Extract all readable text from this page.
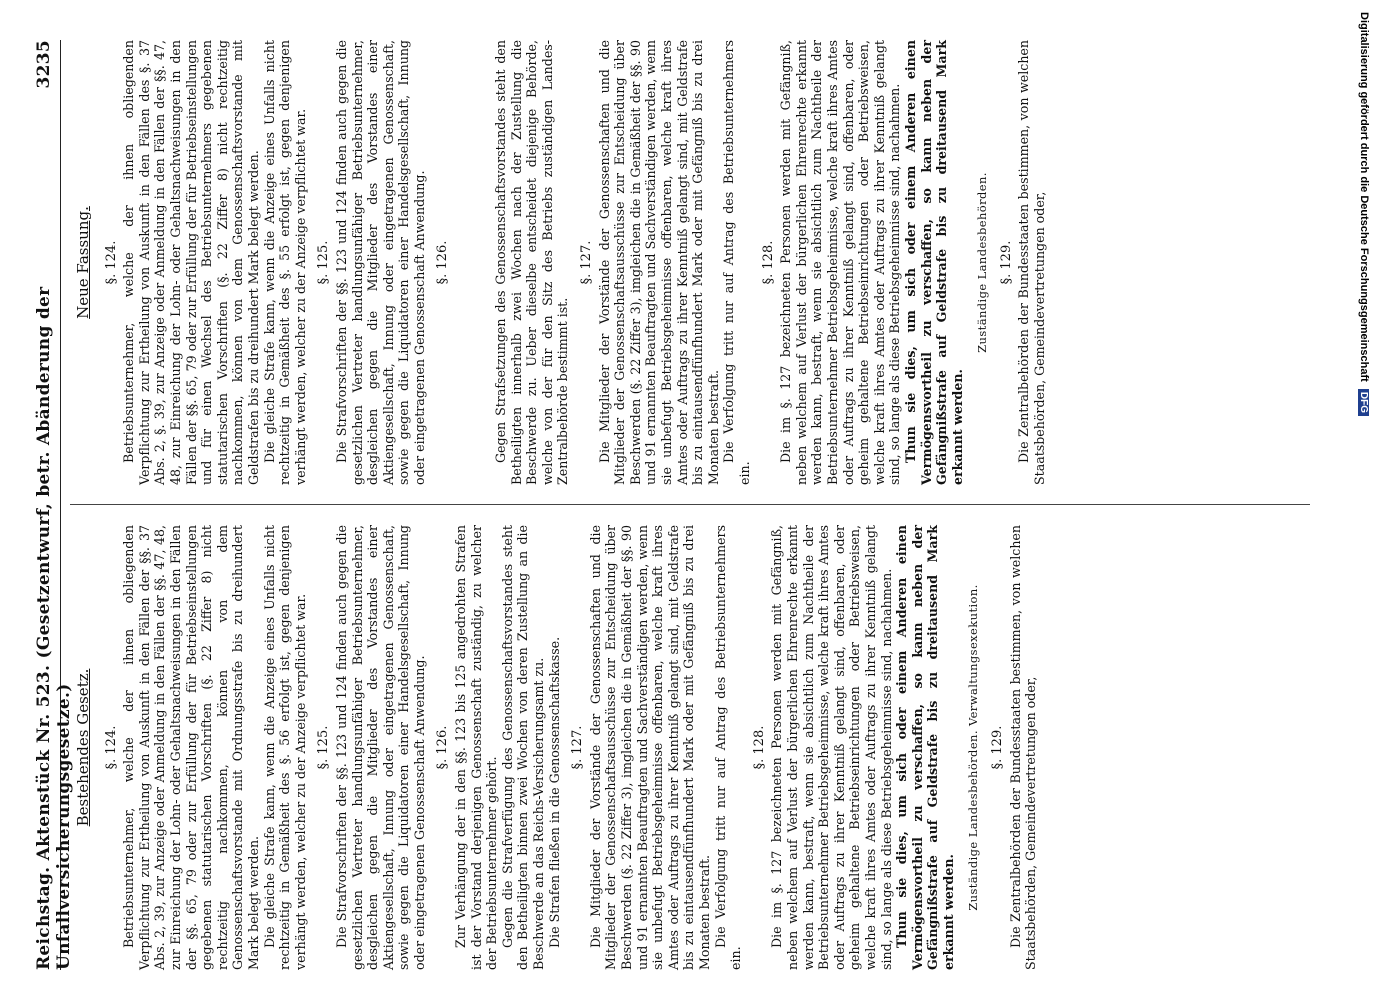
Reichstag. Aktenstück Nr. 523. (Gesetzentwurf, betr. Abänderung der Unfallversicherungsgesetze.)
3235
Bestehendes Gesetz. §. 124. Betriebsunternehmer, welche der ihnen obliegenden Verpflichtung zur Ertheilung von Auskunft in den Fällen der §§. 37 Abs. 2, 39, zur Anzeige oder Anmeldung in den Fällen der §§. 47, 48, zur Einreichung der Lohn- oder Gehaltsnachweisungen in den Fällen der §§. 65, 79 oder zur Erfüllung der für Betriebseinstellungen gegebenen statutarischen Vorschriften (§. 22 Ziffer 8) nicht rechtzeitig nachkommen, können von dem Genossenschaftsvorstande mit Ordnungsstrafe bis zu dreihundert Mark belegt werden. Die gleiche Strafe kann, wenn die Anzeige eines Unfalls nicht rechtzeitig in Gemäßheit des §. 56 erfolgt ist, gegen denjenigen verhängt werden, welcher zu der Anzeige verpflichtet war. §. 125. Die Strafvorschriften der §§. 123 und 124 finden auch gegen die gesetzlichen Vertreter handlungsunfähiger Betriebsunternehmer, desgleichen gegen die Mitglieder des Vorstandes einer Aktiengesellschaft, Innung oder eingetragenen Genossenschaft, sowie gegen die Liquidatoren einer Handelsgesellschaft, Innung oder eingetragenen Genossenschaft Anwendung. §. 126. Zur Verhängung der in den §§. 123 bis 125 angedrohten Strafen ist der Vorstand derjenigen Genossenschaft zuständig, zu welcher der Betriebsunternehmer gehört. Gegen die Strafverfügung des Genossenschaftsvorstandes steht den Betheiligten binnen zwei Wochen von deren Zustellung an die Beschwerde an das Reichs-Versicherungsamt zu. Die Strafen fließen in die Genossenschaftskasse. §. 127. Die Mitglieder der Vorstände der Genossenschaften und die Mitglieder der Genossenschaftsausschüsse zur Entscheidung über Beschwerden (§. 22 Ziffer 3), imgleichen die in Gemäßheit der §§. 90 und 91 ernannten Beauftragten und Sachverständigen werden, wenn sie unbefugt Betriebsgeheimnisse offenbaren, welche kraft ihres Amtes oder Auftrags zu ihrer Kenntniß gelangt sind, mit Geldstrafe bis zu eintausendfünfhundert Mark oder mit Gefängniß bis zu drei Monaten bestraft. Die Verfolgung tritt nur auf Antrag des Betriebsunternehmers ein.

§. 128. Die im §. 127 bezeichneten Personen werden mit Gefängniß, neben welchem auf Verlust der bürgerlichen Ehrenrechte erkannt werden kann, bestraft, wenn sie absichtlich zum Nachtheile der Betriebsunternehmer Betriebsgeheimnisse, welche kraft ihres Amtes oder Auftrags zu ihrer Kenntniß gelangt sind, offenbaren, oder geheim gehaltene Betriebseinrichtungen oder Betriebsweisen, welche kraft ihres Amtes oder Auftrags zu ihrer Kenntniß gelangt sind, so lange als diese Betriebsgeheimnisse sind, nachahmen. Thun sie dies, um sich oder einem Anderen einen Vermögensvortheil zu verschaffen, so kann neben der Gefängnißstrafe auf Geldstrafe bis zu dreitausend Mark erkannt werden.

Zuständige Landesbehörden. Verwaltungsexekution. §. 129. Die Zentralbehörden der Bundesstaaten bestimmen, von welchen Staatsbehörden, Gemeindevertretungen oder,

Neue Fassung. §. 124. Betriebsunternehmer, welche der ihnen obliegenden Verpflichtung zur Ertheilung von Auskunft in den Fällen des §. 37 Abs. 2, §. 39, zur Anzeige oder Anmeldung in den Fällen der §§. 47, 48, zur Einreichung der Lohn- oder Gehaltsnachweisungen in den Fällen der §§. 65, 79 oder zur Erfüllung der für Betriebseinstellungen und für einen Wechsel des Betriebsunternehmers gegebenen statutarischen Vorschriften (§. 22 Ziffer 8) nicht rechtzeitig nachkommen, können von dem Genossenschaftsvorstande mit Geldstrafen bis zu dreihundert Mark belegt werden. Die gleiche Strafe kann, wenn die Anzeige eines Unfalls nicht rechtzeitig in Gemäßheit des §. 55 erfolgt ist, gegen denjenigen verhängt werden, welcher zu der Anzeige verpflichtet war. §. 125. Die Strafvorschriften der §§. 123 und 124 finden auch gegen die gesetzlichen Vertreter handlungsunfähiger Betriebsunternehmer, desgleichen gegen die Mitglieder des Vorstandes einer Aktiengesellschaft, Innung oder eingetragenen Genossenschaft, sowie gegen die Liquidatoren einer Handelsgesellschaft, Innung oder eingetragenen Genossenschaft Anwendung. §. 126.	Gegen Strafsetzungen des Genossenschaftsvorstandes steht den Betheiligten innerhalb zwei Wochen nach der Zustellung die Beschwerde zu. Ueber dieselbe entscheidet diejenige Behörde, welche von der für den Sitz des Betriebs zuständigen Landes-Zentralbehörde bestimmt ist.

§. 127. Die Mitglieder der Vorstände der Genossenschaften und die Mitglieder der Genossenschaftsausschüsse zur Entscheidung über Beschwerden (§. 22 Ziffer 3), imgleichen die in Gemäßheit der §§. 90 und 91 ernannten Beauftragten und Sachverständigen werden, wenn sie unbefugt Betriebsgeheimnisse offenbaren, welche kraft ihres Amtes oder Auftrags zu ihrer Kenntniß gelangt sind, mit Geldstrafe bis zu eintausendfünfhundert Mark oder mit Gefängniß bis zu drei Monaten bestraft. Die Verfolgung tritt nur auf Antrag des Betriebsunternehmers ein.

§. 128. Die im §. 127 bezeichneten Personen werden mit Gefängniß, neben welchem auf Verlust der bürgerlichen Ehrenrechte erkannt werden kann, bestraft, wenn sie absichtlich zum Nachtheile der Betriebsunternehmer Betriebsgeheimnisse, welche kraft ihres Amtes oder Auftrags zu ihrer Kenntniß gelangt sind, offenbaren, oder geheim gehaltene Betriebseinrichtungen oder Betriebsweisen, welche kraft ihres Amtes oder Auftrags zu ihrer Kenntniß gelangt sind, so lange als diese Betriebsgeheimnisse sind, nachahmen. Thun sie dies, um sich oder einem Anderen einen Vermögensvortheil zu verschaffen, so kann neben der Gefängnißstrafe auf Geldstrafe bis zu dreitausend Mark erkannt werden.

Zuständige Landesbehörden. §. 129. Die Zentralbehörden der Bundesstaaten bestimmen, von welchen Staatsbehörden, Gemeindevertretungen oder,	Digitalisierung gefördert durch die Deutsche Forschungsgemeinschaft DFG
